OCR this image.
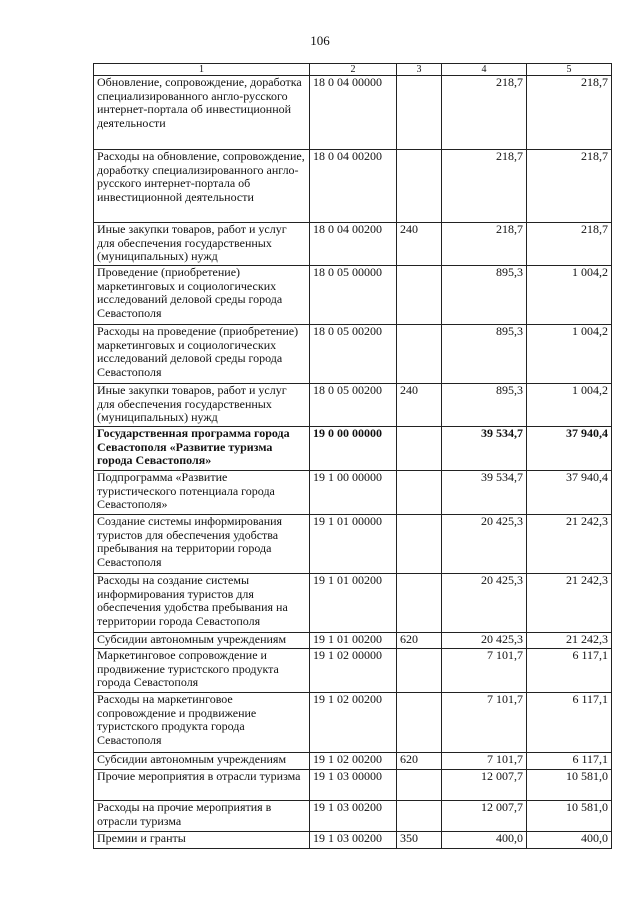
106
1	2	3	4	5
Обновление, сопровождение, доработка специализированного англо-русского интернет-портала об инвестиционной деятельности	18 0 04 00000		218,7	218,7
Расходы на обновление, сопровождение, доработку специализированного англо-русского интернет-портала об инвестиционной деятельности	18 0 04 00200		218,7	218,7
Иные закупки товаров, работ и услуг для обеспечения государственных (муниципальных) нужд	18 0 04 00200	240	218,7	218,7
Проведение (приобретение) маркетинговых и социологических исследований деловой среды города Севастополя	18 0 05 00000		895,3	1 004,2
Расходы на проведение (приобретение) маркетинговых и социологических исследований деловой среды города Севастополя	18 0 05 00200		895,3	1 004,2
Иные закупки товаров, работ и услуг для обеспечения государственных (муниципальных) нужд	18 0 05 00200	240	895,3	1 004,2
Государственная программа города Севастополя «Развитие туризма города Севастополя»	19 0 00 00000		39 534,7	37 940,4
Подпрограмма «Развитие туристического потенциала города Севастополя»	19 1 00 00000		39 534,7	37 940,4
Создание системы информирования туристов для обеспечения удобства пребывания на территории города Севастополя	19 1 01 00000		20 425,3	21 242,3
Расходы на создание системы информирования туристов для обеспечения удобства пребывания на территории города Севастополя	19 1 01 00200		20 425,3	21 242,3
Субсидии автономным учреждениям	19 1 01 00200	620	20 425,3	21 242,3
Маркетинговое сопровождение и продвижение туристского продукта города Севастополя	19 1 02 00000		7 101,7	6 117,1
Расходы на маркетинговое сопровождение и продвижение туристского продукта города Севастополя	19 1 02 00200		7 101,7	6 117,1
Субсидии автономным учреждениям	19 1 02 00200	620	7 101,7	6 117,1
Прочие мероприятия в отрасли туризма	19 1 03 00000		12 007,7	10 581,0
Расходы на прочие мероприятия в отрасли туризма	19 1 03 00200		12 007,7	10 581,0
Премии и гранты	19 1 03 00200	350	400,0	400,0
